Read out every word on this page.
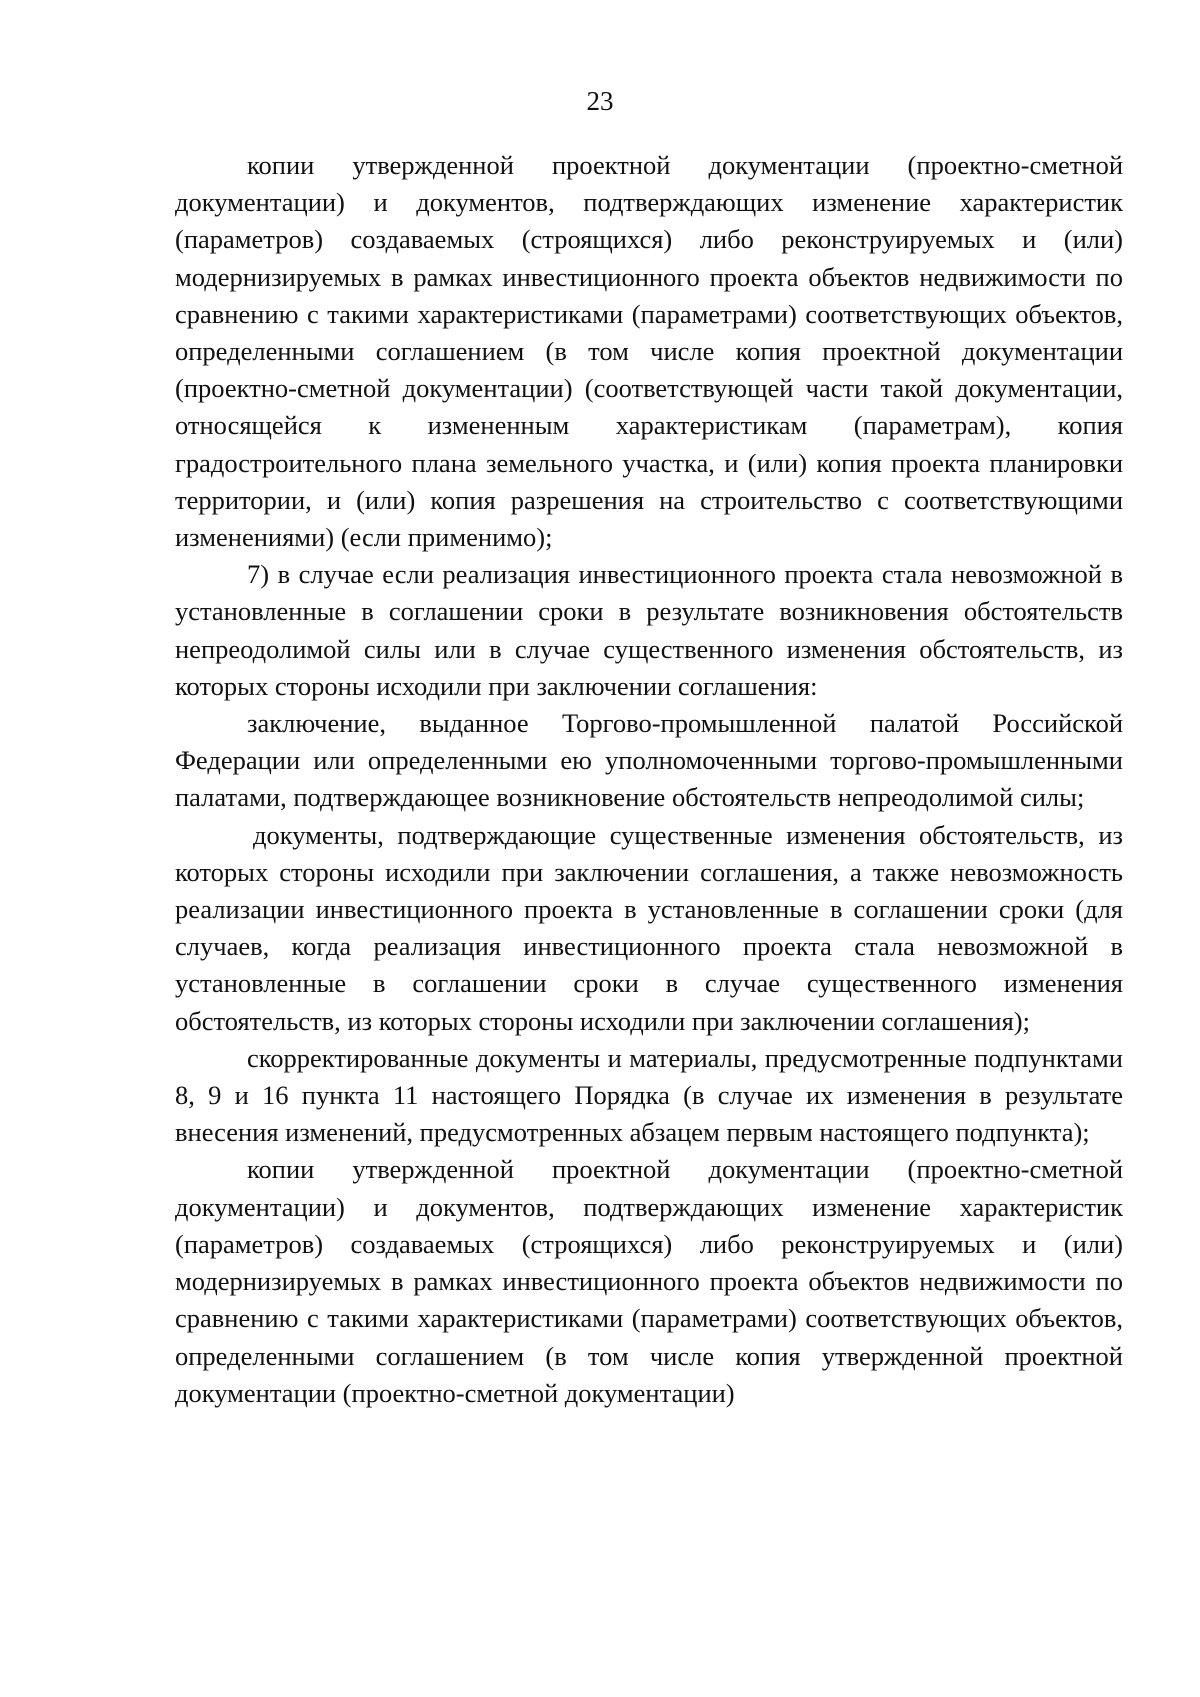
23

копии утвержденной проектной документации (проектно-сметной документации) и документов, подтверждающих изменение характеристик (параметров) создаваемых (строящихся) либо реконструируемых и (или) модернизируемых в рамках инвестиционного проекта объектов недвижимости по сравнению с такими характеристиками (параметрами) соответствующих объектов, определенными соглашением (в том числе копия проектной документации (проектно-сметной документации) (соответствующей части такой документации, относящейся к измененным характеристикам (параметрам), копия градостроительного плана земельного участка, и (или) копия проекта планировки территории, и (или) копия разрешения на строительство с соответствующими изменениями) (если применимо);

7) в случае если реализация инвестиционного проекта стала невозможной в установленные в соглашении сроки в результате возникновения обстоятельств непреодолимой силы или в случае существенного изменения обстоятельств, из которых стороны исходили при заключении соглашения:

заключение, выданное Торгово-промышленной палатой Российской Федерации или определенными ею уполномоченными торгово-промышленными палатами, подтверждающее возникновение обстоятельств непреодолимой силы;

документы, подтверждающие существенные изменения обстоятельств, из которых стороны исходили при заключении соглашения, а также невозможность реализации инвестиционного проекта в установленные в соглашении сроки (для случаев, когда реализация инвестиционного проекта стала невозможной в установленные в соглашении сроки в случае существенного изменения обстоятельств, из которых стороны исходили при заключении соглашения);

скорректированные документы и материалы, предусмотренные подпунктами 8, 9 и 16 пункта 11 настоящего Порядка (в случае их изменения в результате внесения изменений, предусмотренных абзацем первым настоящего подпункта);

копии утвержденной проектной документации (проектно-сметной документации) и документов, подтверждающих изменение характеристик (параметров) создаваемых (строящихся) либо реконструируемых и (или) модернизируемых в рамках инвестиционного проекта объектов недвижимости по сравнению с такими характеристиками (параметрами) соответствующих объектов, определенными соглашением (в том числе копия утвержденной проектной документации (проектно-сметной документации)
